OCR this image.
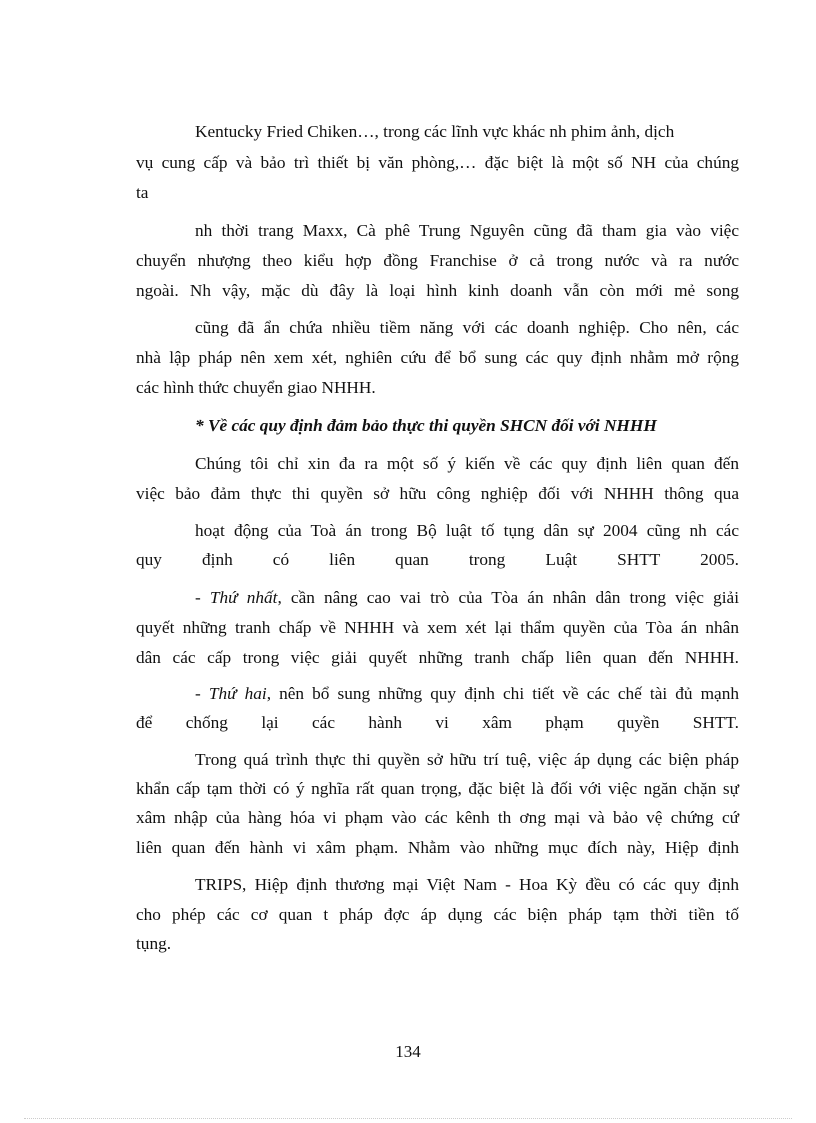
Kentucky Fried Chiken…, trong các lĩnh vực khác nh phim ảnh, dịch
vụ cung cấp và bảo trì thiết bị văn phòng,… đặc biệt là một số NH của chúng
ta
nh thời trang Maxx, Cà phê Trung Nguyên cũng đã tham gia vào việc
chuyển nhượng theo kiểu hợp đồng Franchise ở cả trong nước và ra nước
ngoài. Nh vậy, mặc dù đây là loại hình kinh doanh vẫn còn mới mẻ song
cũng đã ẩn chứa nhiều tiềm năng với các doanh nghiệp. Cho nên, các
nhà lập pháp nên xem xét, nghiên cứu để bổ sung các quy định nhằm mở rộng
các hình thức chuyển giao NHHH.
* Về các quy định đảm bảo thực thi quyền SHCN đối với NHHH
Chúng tôi chỉ xin đa ra một số ý kiến về các quy định liên quan đến
việc bảo đảm thực thi quyền sở hữu công nghiệp đối với NHHH thông qua
hoạt động của Toà án trong Bộ luật tố tụng dân sự 2004 cũng nh các
quy định có liên quan trong Luật SHTT 2005.
- Thứ nhất, cần nâng cao vai trò của Tòa án nhân dân trong việc giải
quyết những tranh chấp về NHHH và xem xét lại thẩm quyền của Tòa án nhân
dân các cấp trong việc giải quyết những tranh chấp liên quan đến NHHH.
- Thứ hai, nên bổ sung những quy định chi tiết về các chế tài đủ mạnh
để chống lại các hành vi xâm phạm quyền SHTT.
Trong quá trình thực thi quyền sở hữu trí tuệ, việc áp dụng các biện pháp
khẩn cấp tạm thời có ý nghĩa rất quan trọng, đặc biệt là đối với việc ngăn chặn sự
xâm nhập của hàng hóa vi phạm vào các kênh th ơng mại và bảo vệ chứng cứ
liên quan đến hành vi xâm phạm. Nhằm vào những mục đích này, Hiệp định
TRIPS, Hiệp định thương mại Việt Nam - Hoa Kỳ đều có các quy định
cho phép các cơ quan t pháp đợc áp dụng các biện pháp tạm thời tiền tố
tụng.
134
